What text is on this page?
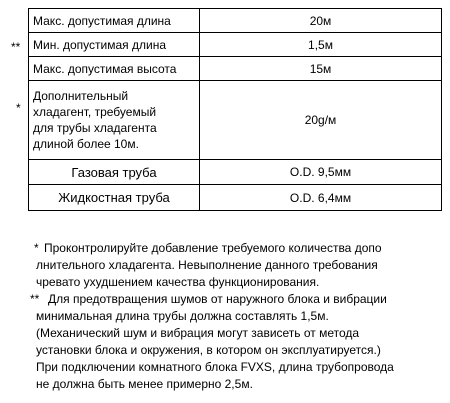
**
*
Макс. допустимая длина	20м
Мин. допустимая длина	1,5м
Макс. допустимая высота	15м

Дополнительный
хладагент, требуемый
для трубы хладагента
длиной более 10м.	20g/м
Газовая труба	O.D. 9,5мм
Жидкостная труба	O.D. 6,4мм
* Проконтролируйте добавление требуемого количества допо
лнительного хладагента. Невыполнение данного требования
чревато ухудшением качества функционирования.
** Для предотвращения шумов от наружного блока и вибрации
минимальная длина трубы должна составлять 1,5м.
(Механический шум и вибрация могут зависеть от метода
установки блока и окружения, в котором он эксплуатируется.)
При подключении комнатного блока FVXS, длина трубопровода
не должна быть менее примерно 2,5м.
